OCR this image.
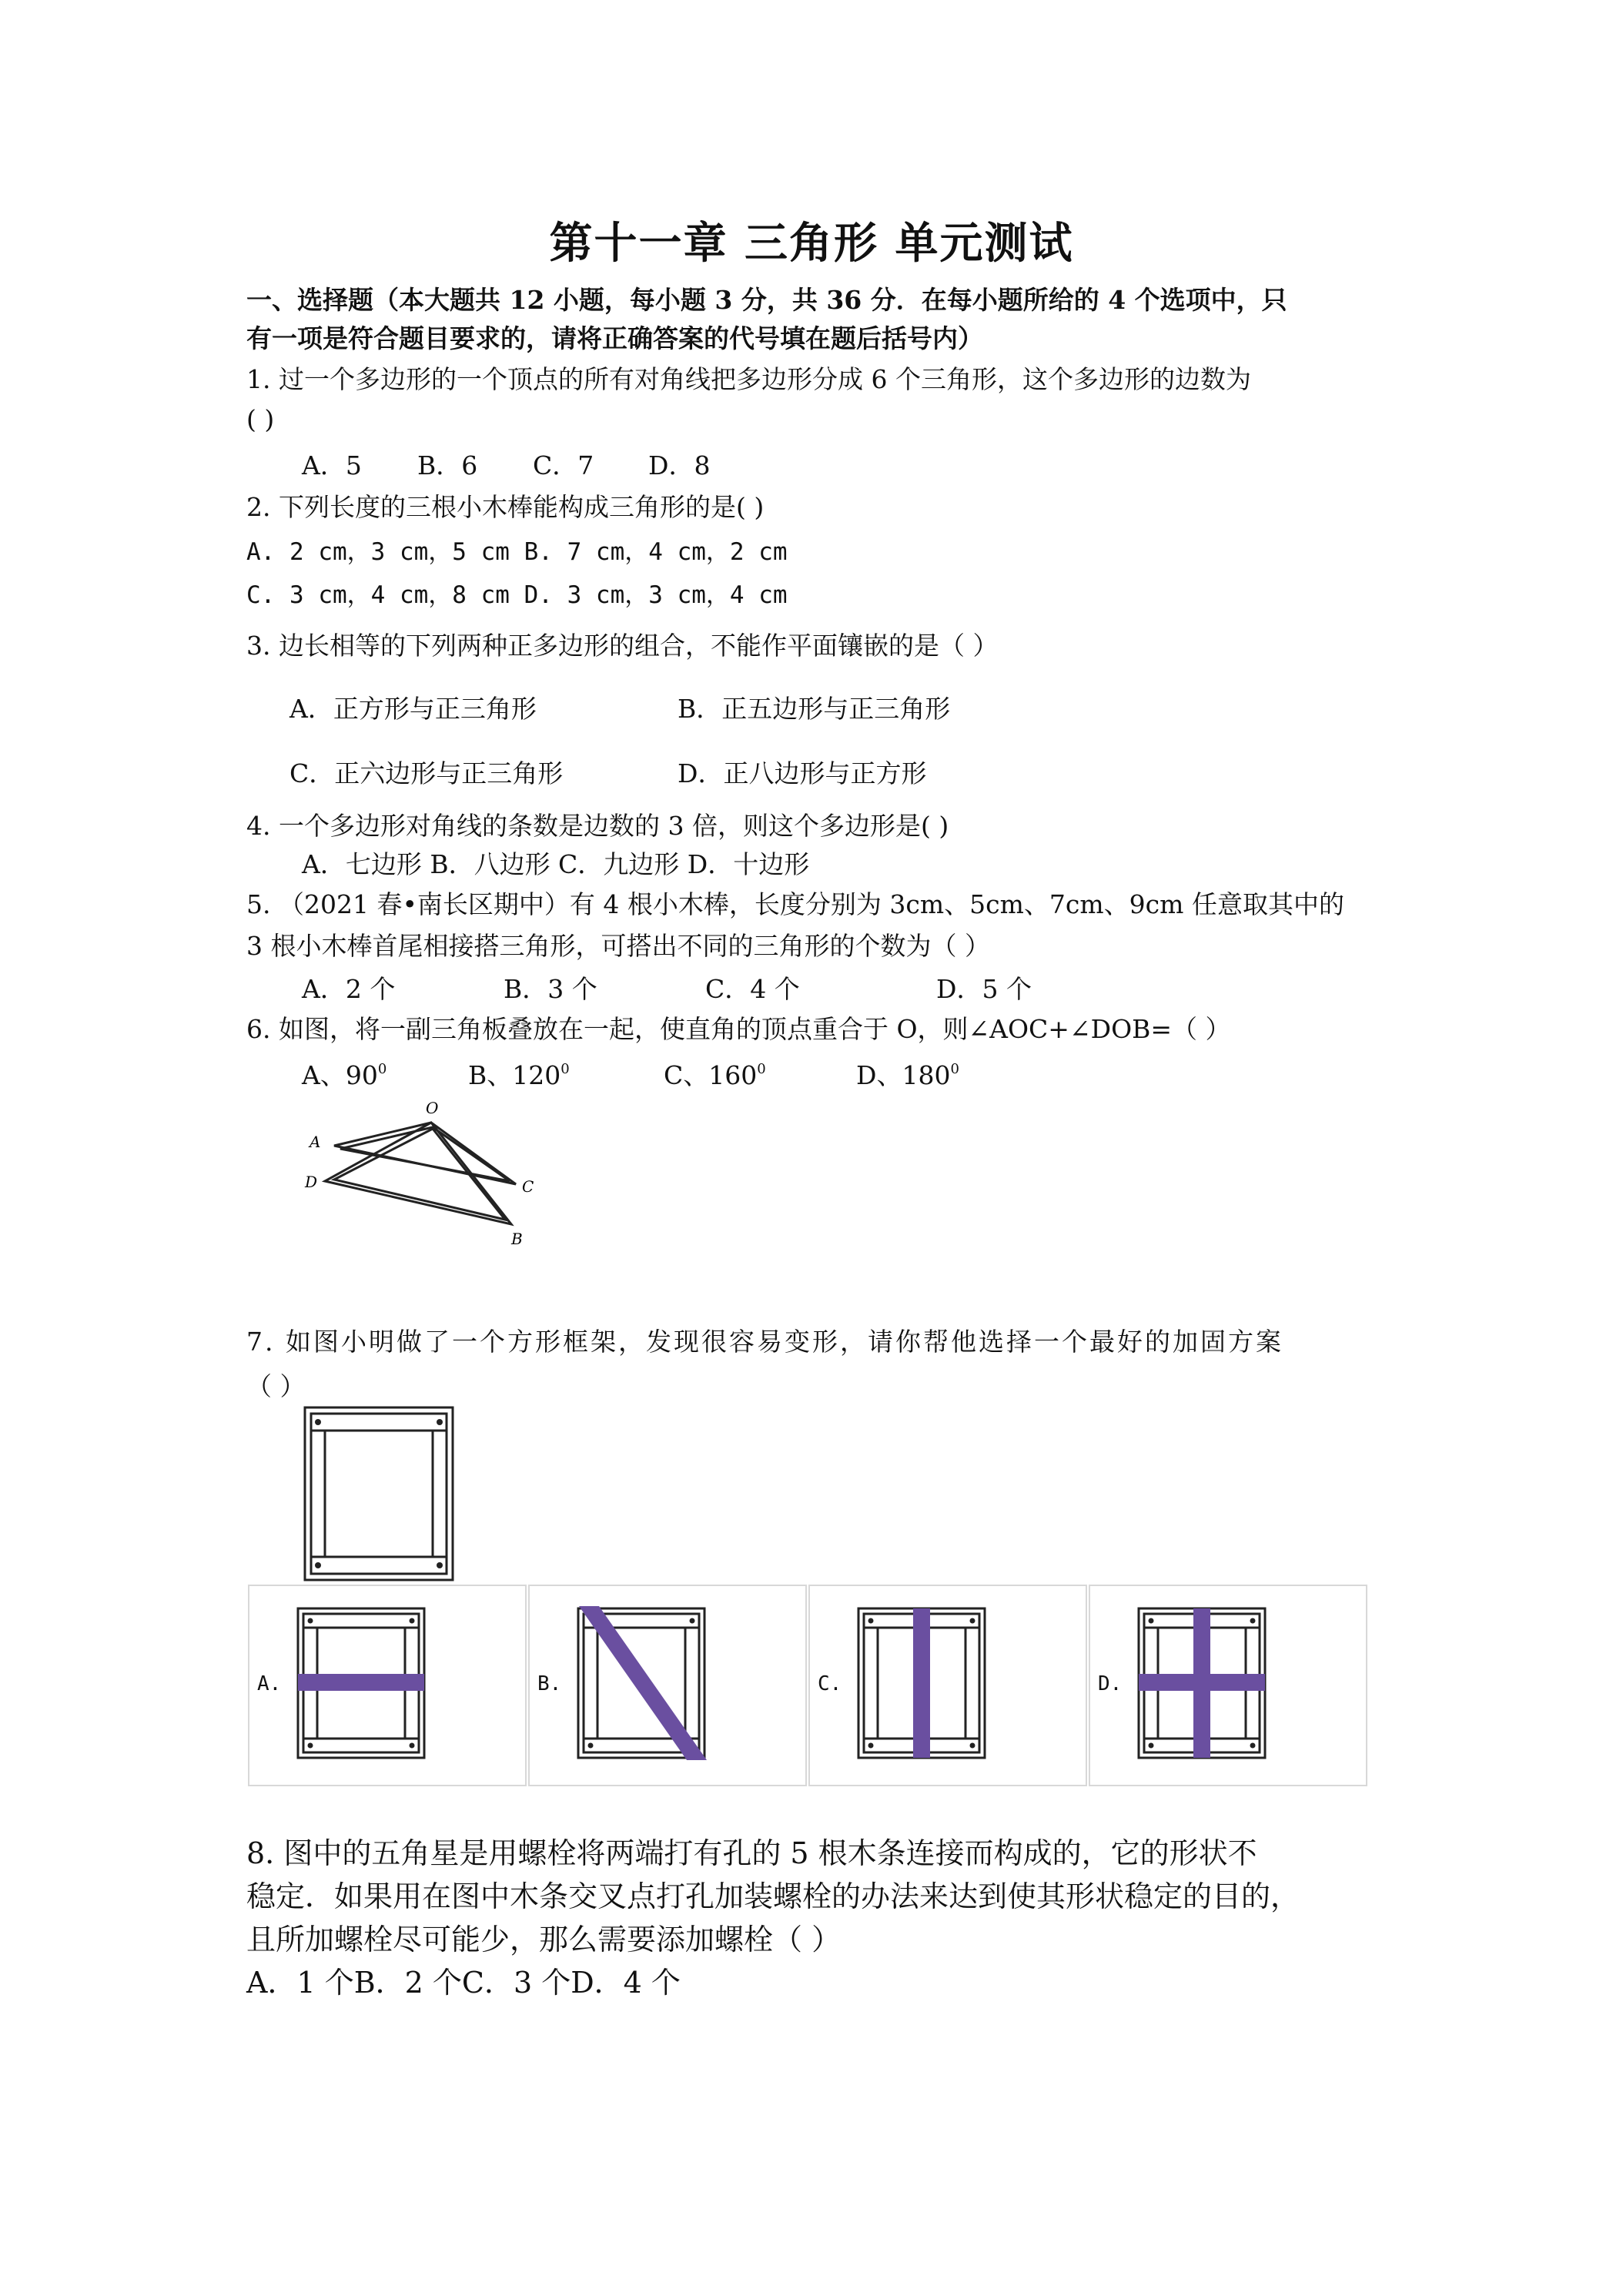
第十一章 三角形 单元测试
一、选择题（本大题共 12 小题，每小题 3 分，共 36 分．在每小题所给的 4 个选项中，只
有一项是符合题目要求的，请将正确答案的代号填在题后括号内）
1. 过一个多边形的一个顶点的所有对角线把多边形分成 6 个三角形，这个多边形的边数为
( )
A．5 B．6 C．7 D．8
2. 下列长度的三根小木棒能构成三角形的是( )
A. 2 cm，3 cm，5 cm B. 7 cm，4 cm，2 cm
C. 3 cm，4 cm，8 cm D. 3 cm，3 cm，4 cm
3. 边长相等的下列两种正多边形的组合，不能作平面镶嵌的是（ ）
A．正方形与正三角形	B．正五边形与正三角形
C．正六边形与正三角形	D．正八边形与正方形
4. 一个多边形对角线的条数是边数的 3 倍，则这个多边形是( )
A．七边形 B．八边形 C．九边形 D．十边形
5. （2021 春•南长区期中）有 4 根小木棒，长度分别为 3cm、5cm、7cm、9cm 任意取其中的
3 根小木棒首尾相接搭三角形，可搭出不同的三角形的个数为（ ）
A．2 个	B．3 个	C．4 个	D．5 个
6. 如图，将一副三角板叠放在一起，使直角的顶点重合于 O，则∠AOC+∠DOB=（ ）
A、$90^0$	B、$120^0$	C、$160^0$	D、$180^0$
O
A
D	C
B
7. 如图小明做了一个方形框架，发现很容易变形，请你帮他选择一个最好的加固方案
（ ）
A.	B.	C.	D.
8. 图中的五角星是用螺栓将两端打有孔的 5 根木条连接而构成的，它的形状不
稳定．如果用在图中木条交叉点打孔加装螺栓的办法来达到使其形状稳定的目的，
且所加螺栓尽可能少，那么需要添加螺栓（ ）
A．1 个B．2 个C．3 个D．4 个
